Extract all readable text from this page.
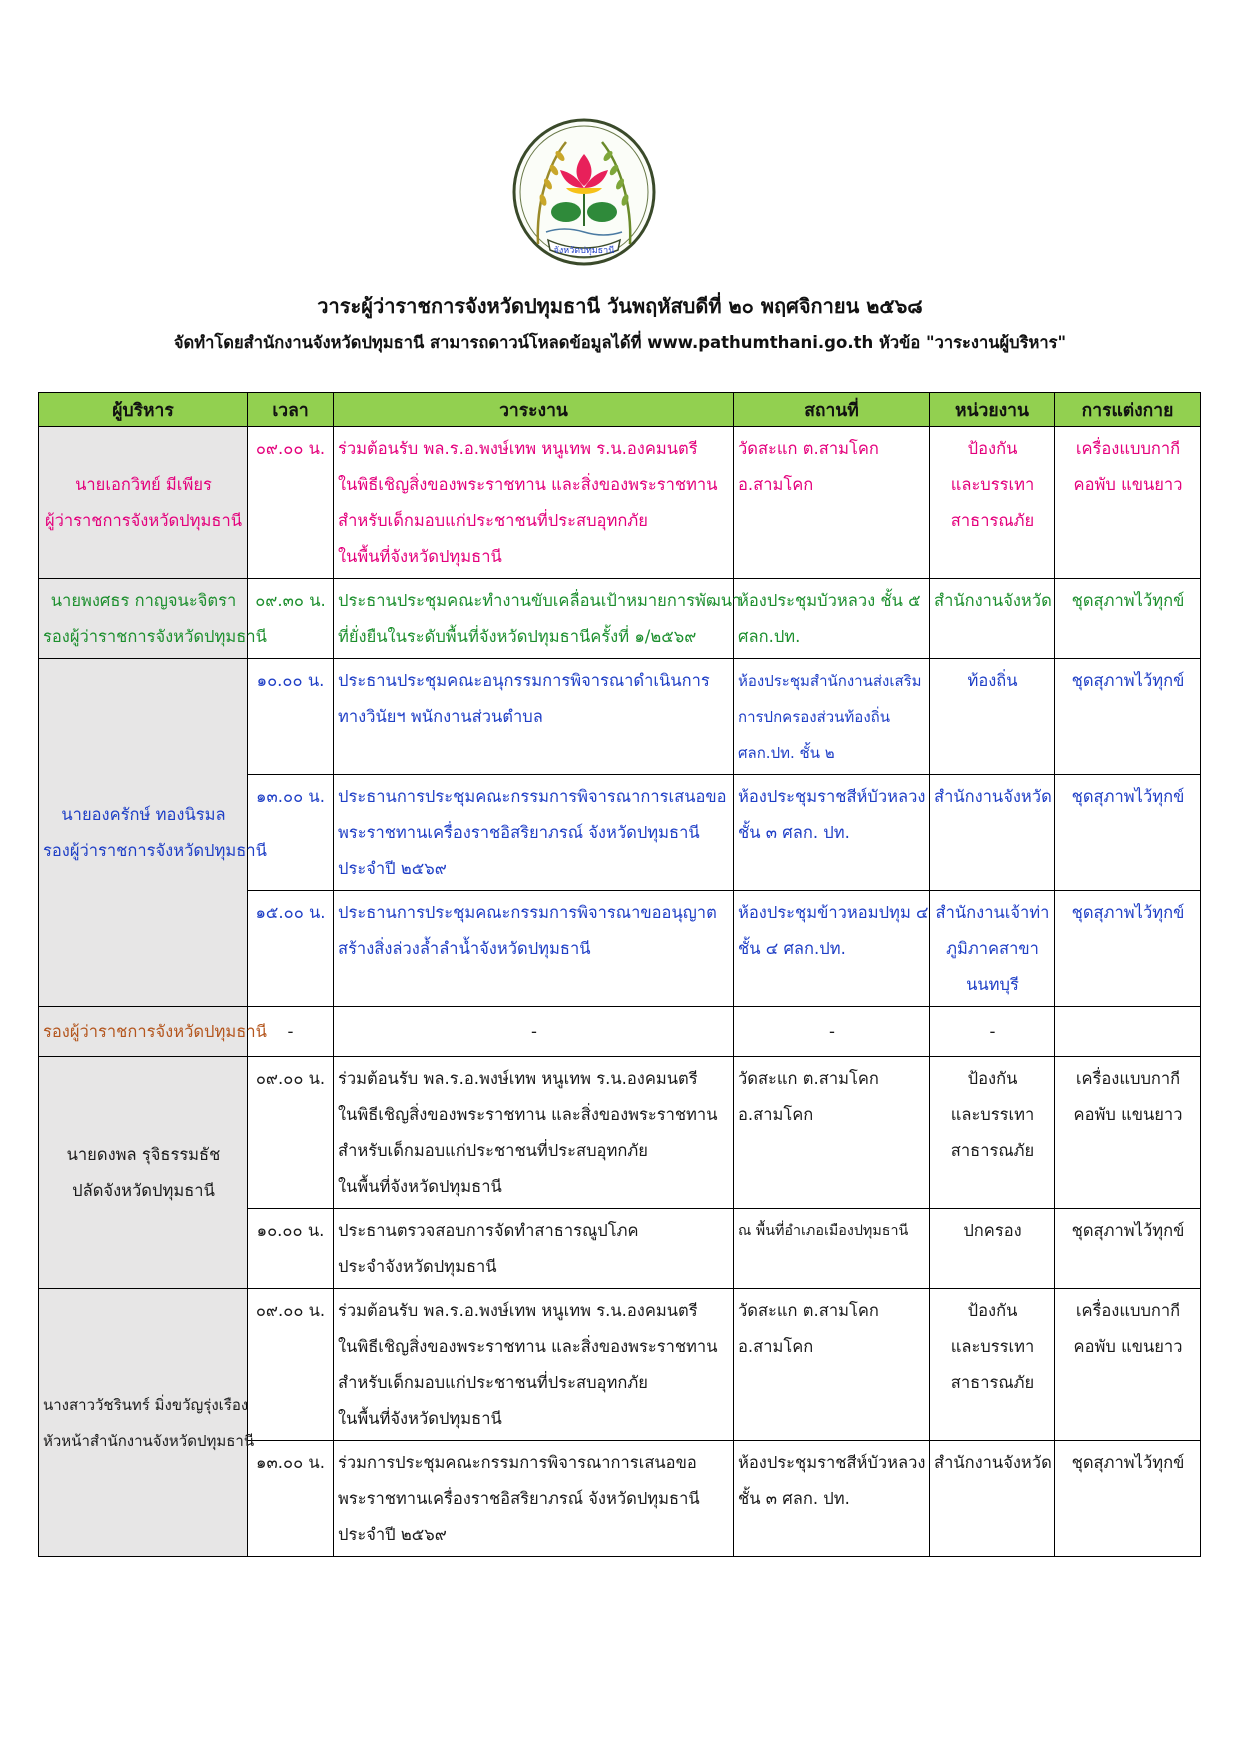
จังหวัดปทุมธานี
วาระผู้ว่าราชการจังหวัดปทุมธานี วันพฤหัสบดีที่ ๒๐ พฤศจิกายน ๒๕๖๘
จัดทำโดยสำนักงานจังหวัดปทุมธานี สามารถดาวน์โหลดข้อมูลได้ที่ www.pathumthani.go.th หัวข้อ "วาระงานผู้บริหาร"
ผู้บริหาร	เวลา	วาระงาน	สถานที่	หน่วยงาน	การแต่งกาย

นายเอกวิทย์ มีเพียร
ผู้ว่าราชการจังหวัดปทุมธานี	๐๙.๐๐ น.	ร่วมต้อนรับ พล.ร.อ.พงษ์เทพ หนูเทพ ร.น.องคมนตรี
ในพิธีเชิญสิ่งของพระราชทาน และสิ่งของพระราชทาน
สำหรับเด็กมอบแก่ประชาชนที่ประสบอุทกภัย
ในพื้นที่จังหวัดปทุมธานี	วัดสะแก ต.สามโคก
อ.สามโคก	ป้องกัน
และบรรเทา
สาธารณภัย	เครื่องแบบกากี
คอพับ แขนยาว

นายพงศธร กาญจนะจิตรา
รองผู้ว่าราชการจังหวัดปทุมธานี	๐๙.๓๐ น.	ประธานประชุมคณะทำงานขับเคลื่อนเป้าหมายการพัฒนา
ที่ยั่งยืนในระดับพื้นที่จังหวัดปทุมธานีครั้งที่ ๑/๒๕๖๙	ห้องประชุมบัวหลวง ชั้น ๕
ศลก.ปท.	สำนักงานจังหวัด	ชุดสุภาพไว้ทุกข์

นายองครักษ์ ทองนิรมล
รองผู้ว่าราชการจังหวัดปทุมธานี	๑๐.๐๐ น.	ประธานประชุมคณะอนุกรรมการพิจารณาดำเนินการ
ทางวินัยฯ พนักงานส่วนตำบล	ห้องประชุมสำนักงานส่งเสริม
การปกครองส่วนท้องถิ่น
ศลก.ปท. ชั้น ๒	ท้องถิ่น	ชุดสุภาพไว้ทุกข์

	๑๓.๐๐ น.	ประธานการประชุมคณะกรรมการพิจารณาการเสนอขอ
พระราชทานเครื่องราชอิสริยาภรณ์ จังหวัดปทุมธานี
ประจำปี ๒๕๖๙	ห้องประชุมราชสีห์บัวหลวง
ชั้น ๓ ศลก. ปท.	สำนักงานจังหวัด	ชุดสุภาพไว้ทุกข์

	๑๕.๐๐ น.	ประธานการประชุมคณะกรรมการพิจารณาขออนุญาต
สร้างสิ่งล่วงล้ำลำน้ำจังหวัดปทุมธานี	ห้องประชุมข้าวหอมปทุม ๔
ชั้น ๔ ศลก.ปท.	สำนักงานเจ้าท่า
ภูมิภาคสาขา
นนทบุรี	ชุดสุภาพไว้ทุกข์

รองผู้ว่าราชการจังหวัดปทุมธานี	-	-	-	-	

นายดงพล รุจิธรรมธัช
ปลัดจังหวัดปทุมธานี	๐๙.๐๐ น.	ร่วมต้อนรับ พล.ร.อ.พงษ์เทพ หนูเทพ ร.น.องคมนตรี
ในพิธีเชิญสิ่งของพระราชทาน และสิ่งของพระราชทาน
สำหรับเด็กมอบแก่ประชาชนที่ประสบอุทกภัย
ในพื้นที่จังหวัดปทุมธานี	วัดสะแก ต.สามโคก
อ.สามโคก	ป้องกัน
และบรรเทา
สาธารณภัย	เครื่องแบบกากี
คอพับ แขนยาว

	๑๐.๐๐ น.	ประธานตรวจสอบการจัดทำสาธารณูปโภค
ประจำจังหวัดปทุมธานี	ณ พื้นที่อำเภอเมืองปทุมธานี	ปกครอง	ชุดสุภาพไว้ทุกข์

นางสาววัชรินทร์ มิ่งขวัญรุ่งเรือง
หัวหน้าสำนักงานจังหวัดปทุมธานี	๐๙.๐๐ น.	ร่วมต้อนรับ พล.ร.อ.พงษ์เทพ หนูเทพ ร.น.องคมนตรี
ในพิธีเชิญสิ่งของพระราชทาน และสิ่งของพระราชทาน
สำหรับเด็กมอบแก่ประชาชนที่ประสบอุทกภัย
ในพื้นที่จังหวัดปทุมธานี	วัดสะแก ต.สามโคก
อ.สามโคก	ป้องกัน
และบรรเทา
สาธารณภัย	เครื่องแบบกากี
คอพับ แขนยาว

	๑๓.๐๐ น.	ร่วมการประชุมคณะกรรมการพิจารณาการเสนอขอ
พระราชทานเครื่องราชอิสริยาภรณ์ จังหวัดปทุมธานี
ประจำปี ๒๕๖๙	ห้องประชุมราชสีห์บัวหลวง
ชั้น ๓ ศลก. ปท.	สำนักงานจังหวัด	ชุดสุภาพไว้ทุกข์
